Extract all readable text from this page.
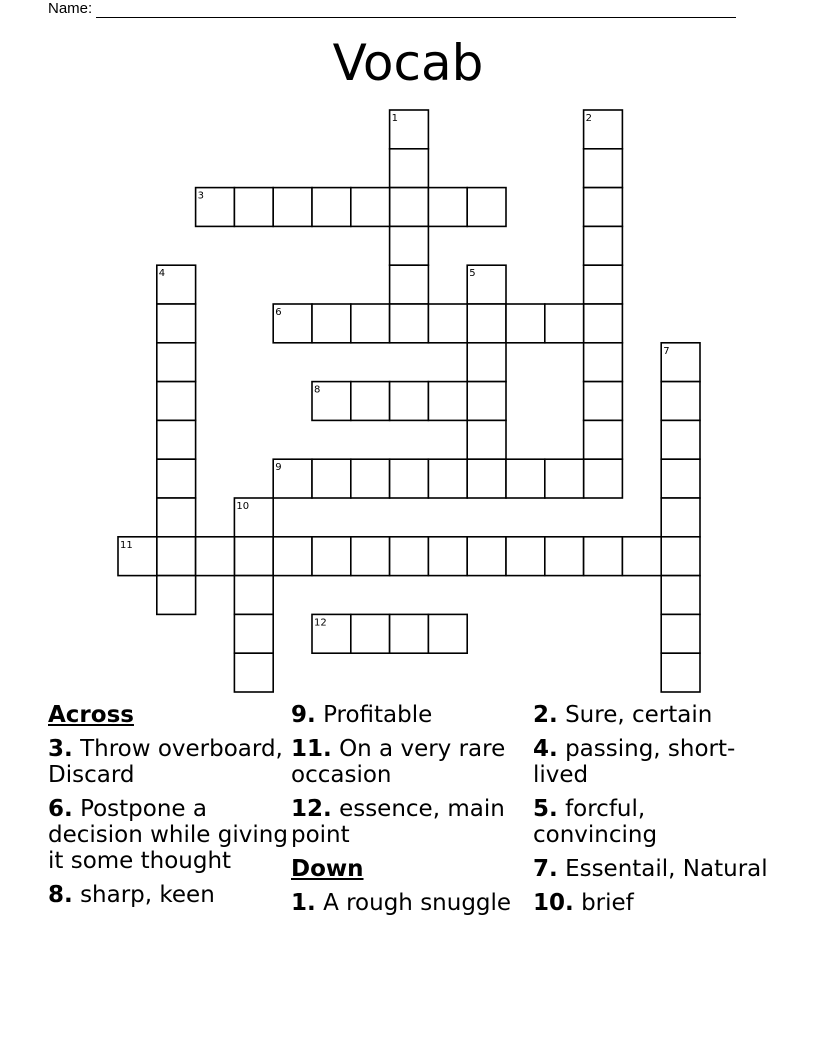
Name:
Vocab
1	2
3
4	5
6
7
8
9
10
11
12
Across
3. Throw overboard, Discard
6. Postpone a decision while giving it some thought
8. sharp, keen
9. Profitable
11. On a very rare occasion
12. essence, main point
Down
1. A rough snuggle
2. Sure, certain
4. passing, short-lived
5. forcful, convincing
7. Essentail, Natural
10. brief
